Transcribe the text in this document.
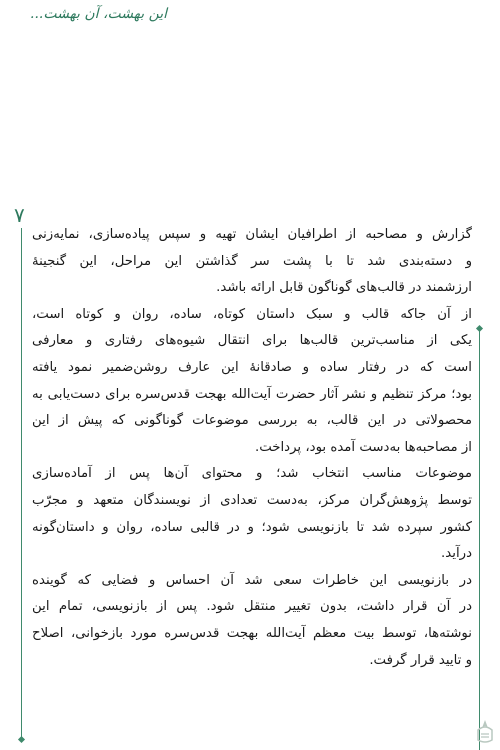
این بهشت، آن بهشت...
۷
گزارش و مصاحبه از اطرافیان ایشان تهیه و سپس پیاده‌سازی، نمایه‌زنی
و دسته‌بندی شد تا با پشت سر گذاشتن این مراحل، این گنجینهٔ
ارزشمند در قالب‌های گوناگون قابل ارائه باشد.
از آن جاکه قالب و سبک داستان کوتاه، ساده، روان و کوتاه است،
یکی از مناسب‌ترین قالب‌ها برای انتقال شیوه‌های رفتاری و معارفی
است که در رفتار ساده و صادقانهٔ این عارف روشن‌ضمیر نمود یافته
بود؛ مرکز تنظیم و نشر آثار حضرت آیت‌الله بهجت قدس‌سره برای دست‌یابی به
محصولاتی در این قالب، به بررسی موضوعات گوناگونی که پیش از این
از مصاحبه‌ها به‌دست آمده بود، پرداخت.
موضوعات مناسب انتخاب شد؛ و محتوای آن‌ها پس از آماده‌سازی
توسط پژوهش‌گران مرکز، به‌دست تعدادی از نویسندگان متعهد و مجرّب
کشور سپرده شد تا بازنویسی شود؛ و در قالبی ساده، روان و داستان‌گونه
درآید.
در بازنویسی این خاطرات سعی شد آن احساس و فضایی که گوینده
در آن قرار داشت، بدون تغییر منتقل شود. پس از بازنویسی، تمام این
نوشته‌ها، توسط بیت معظم آیت‌الله بهجت قدس‌سره مورد بازخوانی، اصلاح
و تایید قرار گرفت.
